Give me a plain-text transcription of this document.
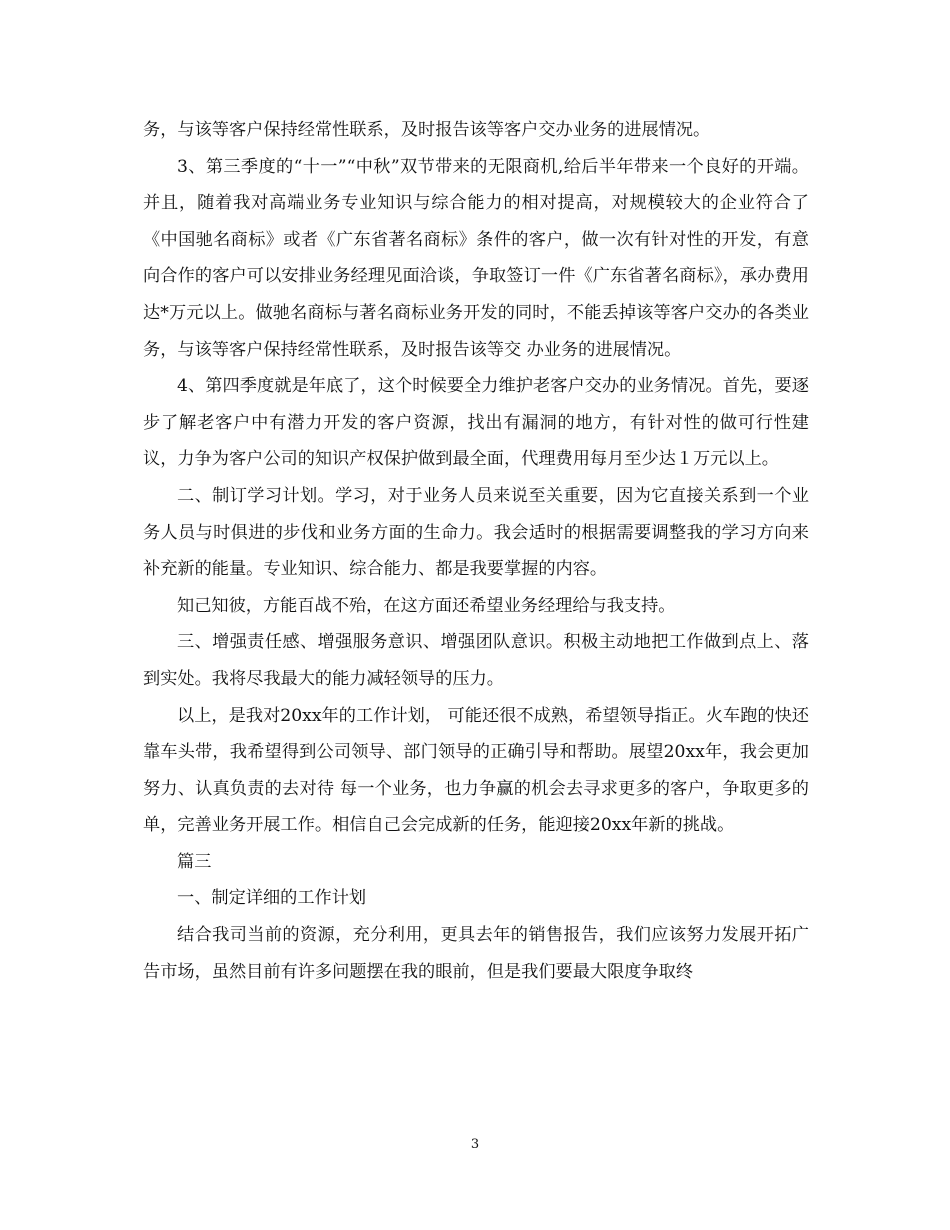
务，与该等客户保持经常性联系，及时报告该等客户交办业务的进展情况。

3、第三季度的“十一”“中秋”双节带来的无限商机,给后半年带来一个良好的开端。并且，随着我对高端业务专业知识与综合能力的相对提高，对规模较大的企业符合了《中国驰名商标》或者《广东省著名商标》条件的客户，做一次有针对性的开发，有意向合作的客户可以安排业务经理见面洽谈，争取签订一件《广东省著名商标》，承办费用达*万元以上。做驰名商标与著名商标业务开发的同时，不能丢掉该等客户交办的各类业务，与该等客户保持经常性联系，及时报告该等交 办业务的进展情况。

4、第四季度就是年底了，这个时候要全力维护老客户交办的业务情况。首先，要逐步了解老客户中有潜力开发的客户资源，找出有漏洞的地方，有针对性的做可行性建议，力争为客户公司的知识产权保护做到最全面，代理费用每月至少达１万元以上。

二、制订学习计划。学习，对于业务人员来说至关重要，因为它直接关系到一个业务人员与时俱进的步伐和业务方面的生命力。我会适时的根据需要调整我的学习方向来补充新的能量。专业知识、综合能力、都是我要掌握的内容。

知己知彼，方能百战不殆，在这方面还希望业务经理给与我支持。

三、增强责任感、增强服务意识、增强团队意识。积极主动地把工作做到点上、落到实处。我将尽我最大的能力减轻领导的压力。

以上，是我对20xx年的工作计划， 可能还很不成熟，希望领导指正。火车跑的快还靠车头带，我希望得到公司领导、部门领导的正确引导和帮助。展望20xx年，我会更加努力、认真负责的去对待 每一个业务，也力争赢的机会去寻求更多的客户，争取更多的单，完善业务开展工作。相信自己会完成新的任务，能迎接20xx年新的挑战。

篇三

一、制定详细的工作计划

结合我司当前的资源，充分利用，更具去年的销售报告，我们应该努力发展开拓广告市场，虽然目前有许多问题摆在我的眼前，但是我们要最大限度争取终

3
